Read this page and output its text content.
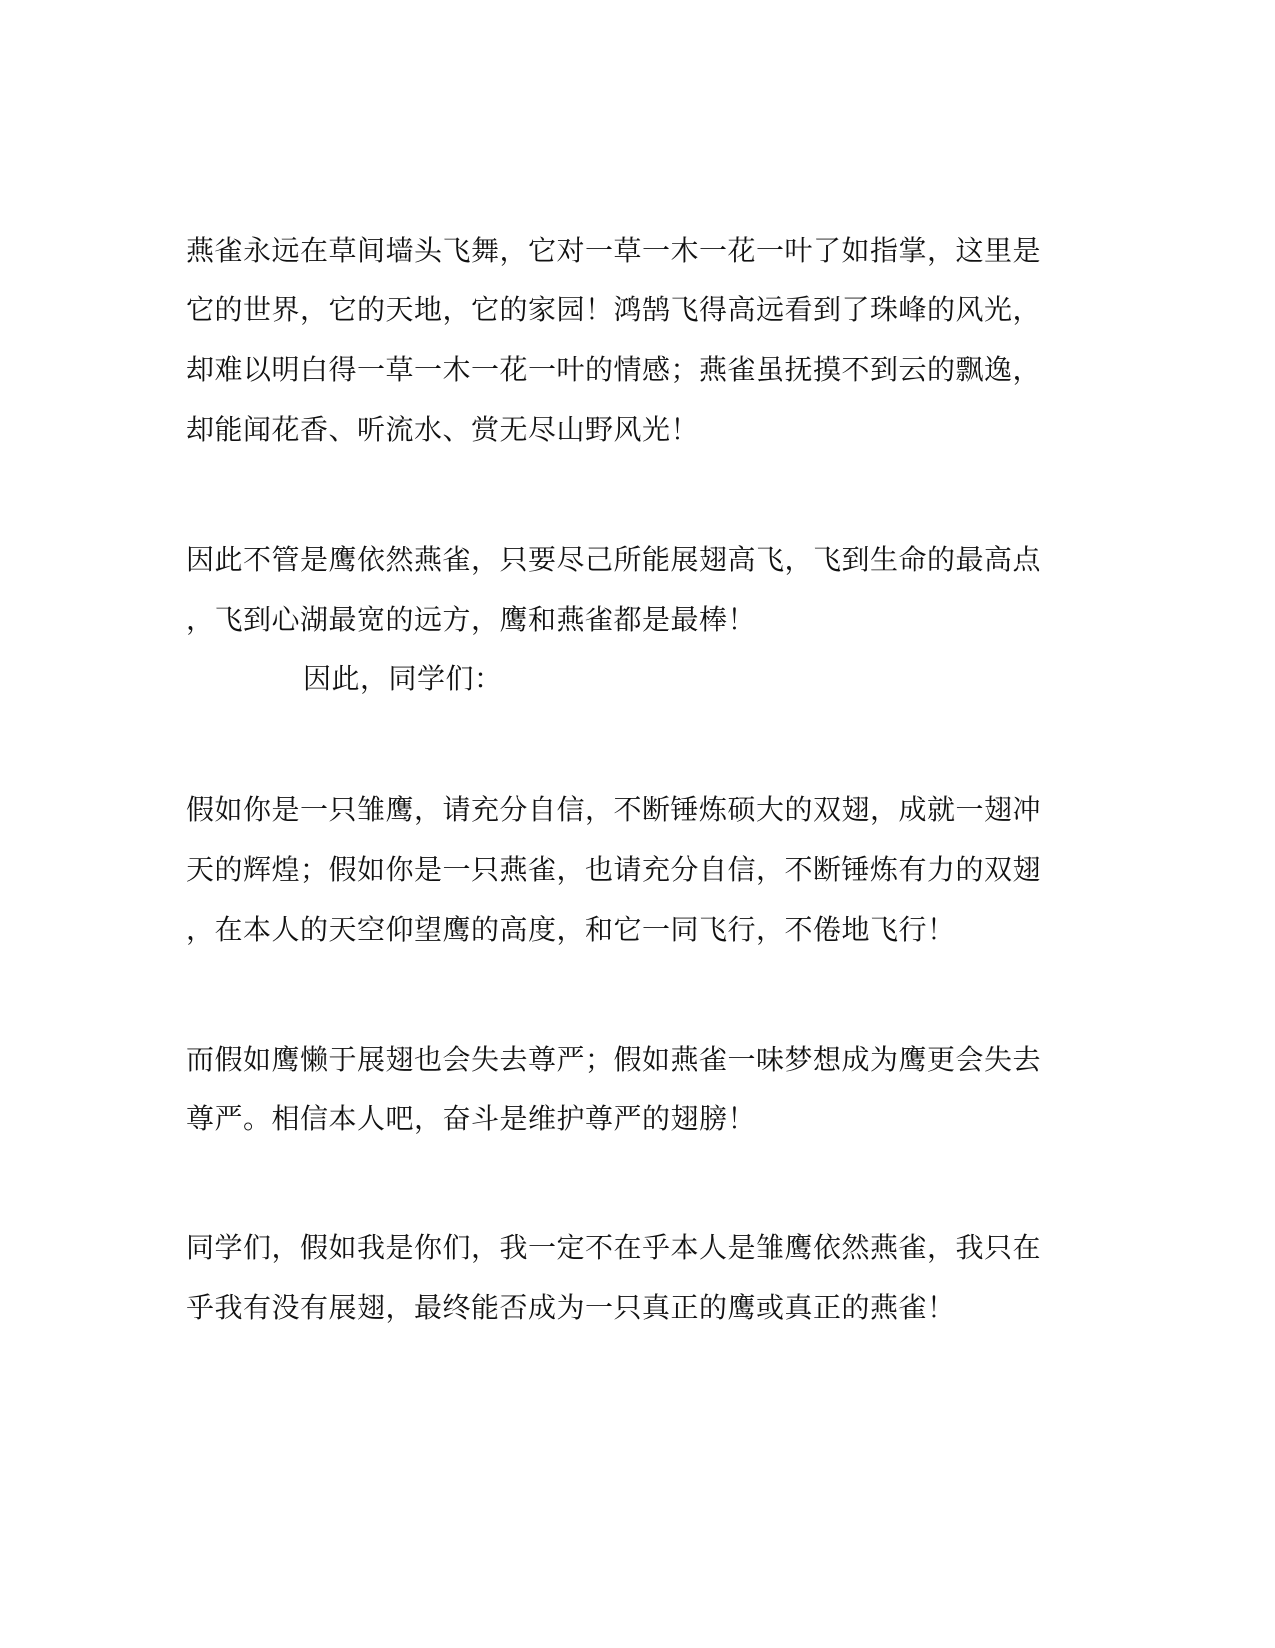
燕雀永远在草间墙头飞舞，它对一草一木一花一叶了如指掌，这里是
它的世界，它的天地，它的家园！鸿鹄飞得高远看到了珠峰的风光，
却难以明白得一草一木一花一叶的情感；燕雀虽抚摸不到云的飘逸，
却能闻花香、听流水、赏无尽山野风光！
因此不管是鹰依然燕雀，只要尽己所能展翅高飞，飞到生命的最高点
，飞到心湖最宽的远方，鹰和燕雀都是最棒！
因此，同学们：
假如你是一只雏鹰，请充分自信，不断锤炼硕大的双翅，成就一翅冲
天的辉煌；假如你是一只燕雀，也请充分自信，不断锤炼有力的双翅
，在本人的天空仰望鹰的高度，和它一同飞行，不倦地飞行！
而假如鹰懒于展翅也会失去尊严；假如燕雀一味梦想成为鹰更会失去
尊严。相信本人吧，奋斗是维护尊严的翅膀！
同学们，假如我是你们，我一定不在乎本人是雏鹰依然燕雀，我只在
乎我有没有展翅，最终能否成为一只真正的鹰或真正的燕雀！
